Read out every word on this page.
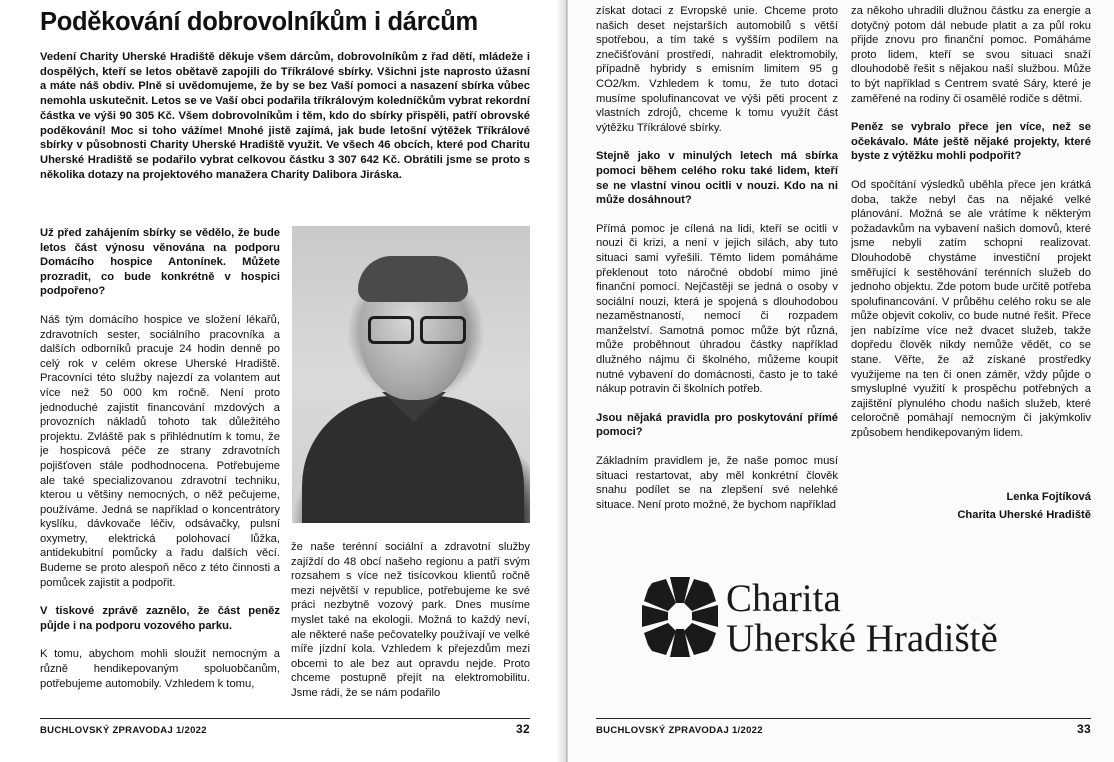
Poděkování dobrovolníkům i dárcům
Vedení Charity Uherské Hradiště děkuje všem dárcům, dobrovolníkům z řad dětí, mládeže i dospělých, kteří se letos obětavě zapojili do Tříkrálové sbírky. Všichni jste naprosto úžasní a máte náš obdiv. Plně si uvědomujeme, že by se bez Vaší pomoci a nasazení sbírka vůbec nemohla uskutečnit. Letos se ve Vaší obci podařila tříkrálovým koledníčkům vybrat rekordní částka ve výši 90 305 Kč. Všem dobrovolníkům i těm, kdo do sbírky přispěli, patří obrovské poděkování! Moc si toho vážíme! Mnohé jistě zajímá, jak bude letošní výtěžek Tříkrálové sbírky v působnosti Charity Uherské Hradiště využit. Ve všech 46 obcích, které pod Charitu Uherské Hradiště se podařilo vybrat celkovou částku 3 307 642 Kč. Obrátili jsme se proto s několika dotazy na projektového manažera Charity Dalibora Jiráska.

Už před zahájením sbírky se vědělo, že bude letos část výnosu věnována na podporu Domácího hospice Antonínek. Můžete prozradit, co bude konkrétně v hospici podpořeno?

Náš tým domácího hospice ve složení lékařů, zdravotních sester, sociálního pracovníka a dalších odborníků pracuje 24 hodin denně po celý rok v celém okrese Uherské Hradiště. Pracovníci této služby najezdí za volantem aut více než 50 000 km ročně. Není proto jednoduché zajistit financování mzdových a provozních nákladů tohoto tak důležitého projektu. Zvláště pak s přihlédnutím k tomu, že je hospicová péče ze strany zdravotních pojišťoven stále podhodnocena. Potřebujeme ale také specializovanou zdravotní techniku, kterou u většiny nemocných, o něž pečujeme, používáme. Jedná se například o koncentrátory kyslíku, dávkovače léčiv, odsávačky, pulsní oxymetry, elektrická polohovací lůžka, antidekubitní pomůcky a řadu dalších věcí. Budeme se proto alespoň něco z této činnosti a pomůcek zajistit a podpořit.

V tiskové zprávě zaznělo, že část peněz půjde i na podporu vozového parku.

K tomu, abychom mohli sloužit nemocným a různě hendikepovaným spoluobčanům, potřebujeme automobily. Vzhledem k tomu,

že naše terénní sociální a zdravotní služby zajíždí do 48 obcí našeho regionu a patří svým rozsahem s více než tisícovkou klientů ročně mezi největší v republice, potřebujeme ke své práci nezbytně vozový park. Dnes musíme myslet také na ekologii. Možná to každý neví, ale některé naše pečovatelky používají ve velké míře jízdní kola. Vzhledem k přejezdům mezi obcemi to ale bez aut opravdu nejde. Proto chceme postupně přejít na elektromobilitu. Jsme rádi, že se nám podařilo

BUCHLOVSKÝ ZPRAVODAJ 1/2022	32

získat dotaci z Evropské unie. Chceme proto našich deset nejstarších automobilů s větší spotřebou, a tím také s vyšším podílem na znečišťování prostředí, nahradit elektromobily, případně hybridy s emisním limitem 95 g CO2/km. Vzhledem k tomu, že tuto dotaci musíme spolufinancovat ve výši pěti procent z vlastních zdrojů, chceme k tomu využít část výtěžku Tříkrálové sbírky.

Stejně jako v minulých letech má sbírka pomoci během celého roku také lidem, kteří se ne vlastní vinou ocitli v nouzi. Kdo na ni může dosáhnout?

Přímá pomoc je cílená na lidi, kteří se ocitli v nouzi či krizi, a není v jejich silách, aby tuto situaci sami vyřešili. Těmto lidem pomáháme překlenout toto náročné období mimo jiné finanční pomocí. Nejčastěji se jedná o osoby v sociální nouzi, která je spojená s dlouhodobou nezaměstnaností, nemocí či rozpadem manželství. Samotná pomoc může být různá, může proběhnout úhradou částky například dlužného nájmu či školného, můžeme koupit nutné vybavení do domácnosti, často je to také nákup potravin či školních potřeb.

Jsou nějaká pravidla pro poskytování přímé pomoci?

Základním pravidlem je, že naše pomoc musí situaci restartovat, aby měl konkrétní člověk snahu podílet se na zlepšení své nelehké situace. Není proto možné, že bychom například

za někoho uhradili dlužnou částku za energie a dotyčný potom dál nebude platit a za půl roku přijde znovu pro finanční pomoc. Pomáháme proto lidem, kteří se svou situaci snaží dlouhodobě řešit s nějakou naší službou. Může to být například s Centrem svaté Sáry, které je zaměřené na rodiny či osamělé rodiče s dětmi.

Peněz se vybralo přece jen více, než se očekávalo. Máte ještě nějaké projekty, které byste z výtěžku mohli podpořit?

Od spočítání výsledků uběhla přece jen krátká doba, takže nebyl čas na nějaké velké plánování. Možná se ale vrátíme k některým požadavkům na vybavení našich domovů, které jsme nebyli zatím schopni realizovat. Dlouhodobě chystáme investiční projekt směřující k sestěhování terénních služeb do jednoho objektu. Zde potom bude určitě potřeba spolufinancování. V průběhu celého roku se ale může objevit cokoliv, co bude nutné řešit. Přece jen nabízíme více než dvacet služeb, takže dopředu člověk nikdy nemůže vědět, co se stane. Věřte, že až získané prostředky využijeme na ten či onen záměr, vždy půjde o smysluplné využití k prospěchu potřebných a zajištění plynulého chodu našich služeb, které celoročně pomáhají nemocným či jakýmkoliv způsobem hendikepovaným lidem.

Lenka Fojtíková
Charita Uherské Hradiště
Charita
Uherské Hradiště
BUCHLOVSKÝ ZPRAVODAJ 1/2022	33
